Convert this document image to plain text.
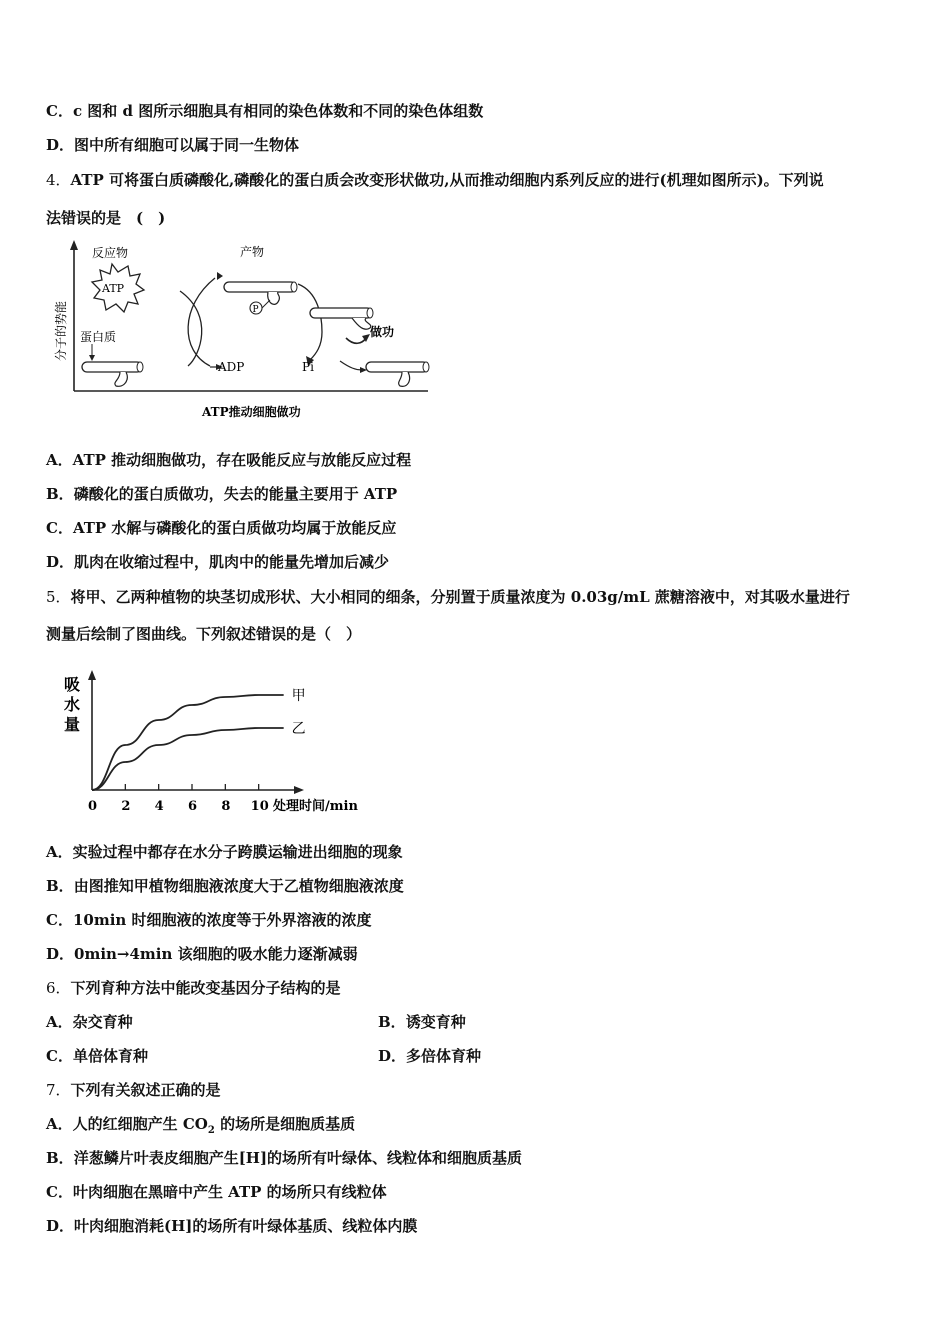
C．c 图和 d 图所示细胞具有相同的染色体数和不同的染色体组数
D．图中所有细胞可以属于同一生物体
4．ATP 可将蛋白质磷酸化,磷酸化的蛋白质会改变形状做功,从而推动细胞内系列反应的进行(机理如图所示)。下列说
法错误的是　(　)
分子的势能
反应物
ATP
蛋白质
ADP
产物
P
Pi
做功
ATP推动细胞做功
A．ATP 推动细胞做功，存在吸能反应与放能反应过程
B．磷酸化的蛋白质做功，失去的能量主要用于 ATP
C．ATP 水解与磷酸化的蛋白质做功均属于放能反应
D．肌肉在收缩过程中，肌肉中的能量先增加后减少
5．将甲、乙两种植物的块茎切成形状、大小相同的细条，分别置于质量浓度为 0.03g/mL 蔗糖溶液中，对其吸水量进行
测量后绘制了图曲线。下列叙述错误的是（　）
吸水量
0 2 4 6 8 10
甲
乙
处理时间/min
A．实验过程中都存在水分子跨膜运输进出细胞的现象
B．由图推知甲植物细胞液浓度大于乙植物细胞液浓度
C．10min 时细胞液的浓度等于外界溶液的浓度
D．0min→4min 该细胞的吸水能力逐渐减弱
6．下列育种方法中能改变基因分子结构的是
A．杂交育种	B．诱变育种
C．单倍体育种	D．多倍体育种
7．下列有关叙述正确的是
A．人的红细胞产生 $CO_2$ 的场所是细胞质基质
B．洋葱鳞片叶表皮细胞产生[H]的场所有叶绿体、线粒体和细胞质基质
C．叶肉细胞在黑暗中产生 ATP 的场所只有线粒体
D．叶肉细胞消耗(H]的场所有叶绿体基质、线粒体内膜
